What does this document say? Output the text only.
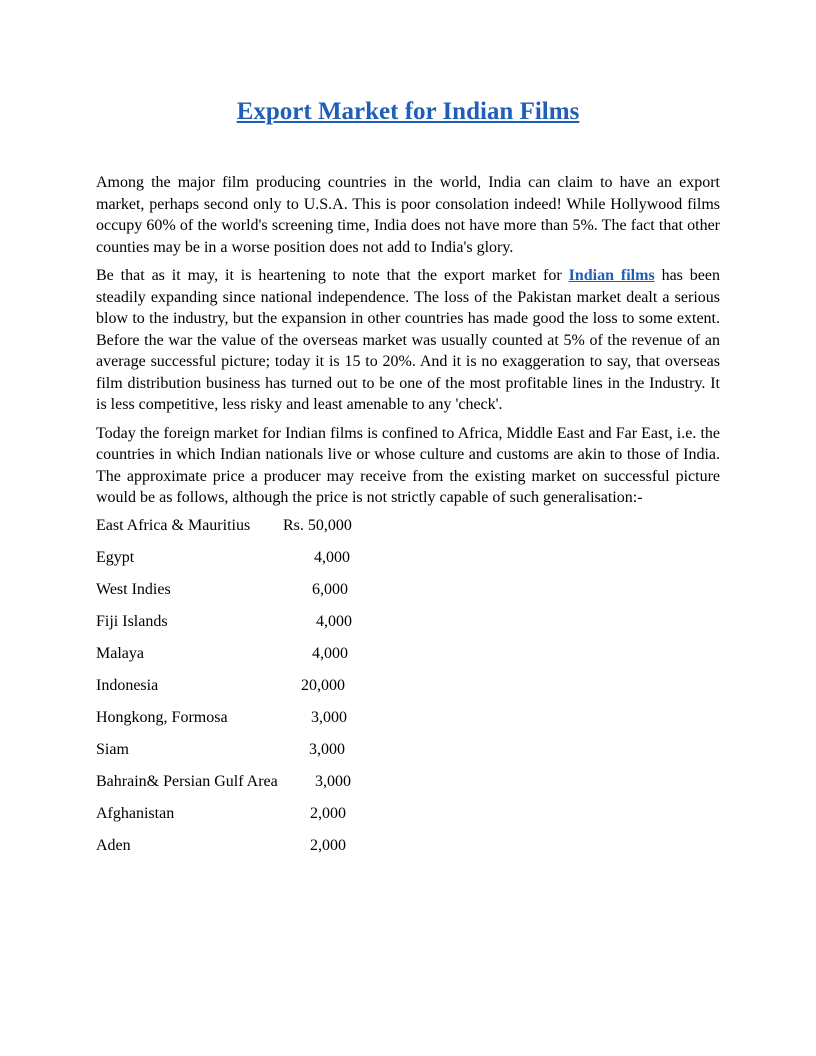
Export Market for Indian Films

Among the major film producing countries in the world, India can claim to have an export market, perhaps second only to U.S.A. This is poor consolation indeed! While Hollywood films occupy 60% of the world's screening time, India does not have more than 5%. The fact that other counties may be in a worse position does not add to India's glory.

Be that as it may, it is heartening to note that the export market for Indian films has been steadily expanding since national independence. The loss of the Pakistan market dealt a serious blow to the industry, but the expansion in other countries has made good the loss to some extent. Before the war the value of the overseas market was usually counted at 5% of the revenue of an average successful picture; today it is 15 to 20%. And it is no exaggeration to say, that overseas film distribution business has turned out to be one of the most profitable lines in the Industry. It is less competitive, less risky and least amenable to any 'check'.

Today the foreign market for Indian films is confined to Africa, Middle East and Far East, i.e. the countries in which Indian nationals live or whose culture and customs are akin to those of India. The approximate price a producer may receive from the existing market on successful picture would be as follows, although the price is not strictly capable of such generalisation:-

East Africa & Mauritius Rs. 50,000
Egypt	4,000
West Indies	6,000
Fiji Islands	4,000
Malaya	4,000
Indonesia	20,000
Hongkong, Formosa	3,000
Siam	3,000
Bahrain& Persian Gulf Area 3,000
Afghanistan	2,000
Aden	2,000
